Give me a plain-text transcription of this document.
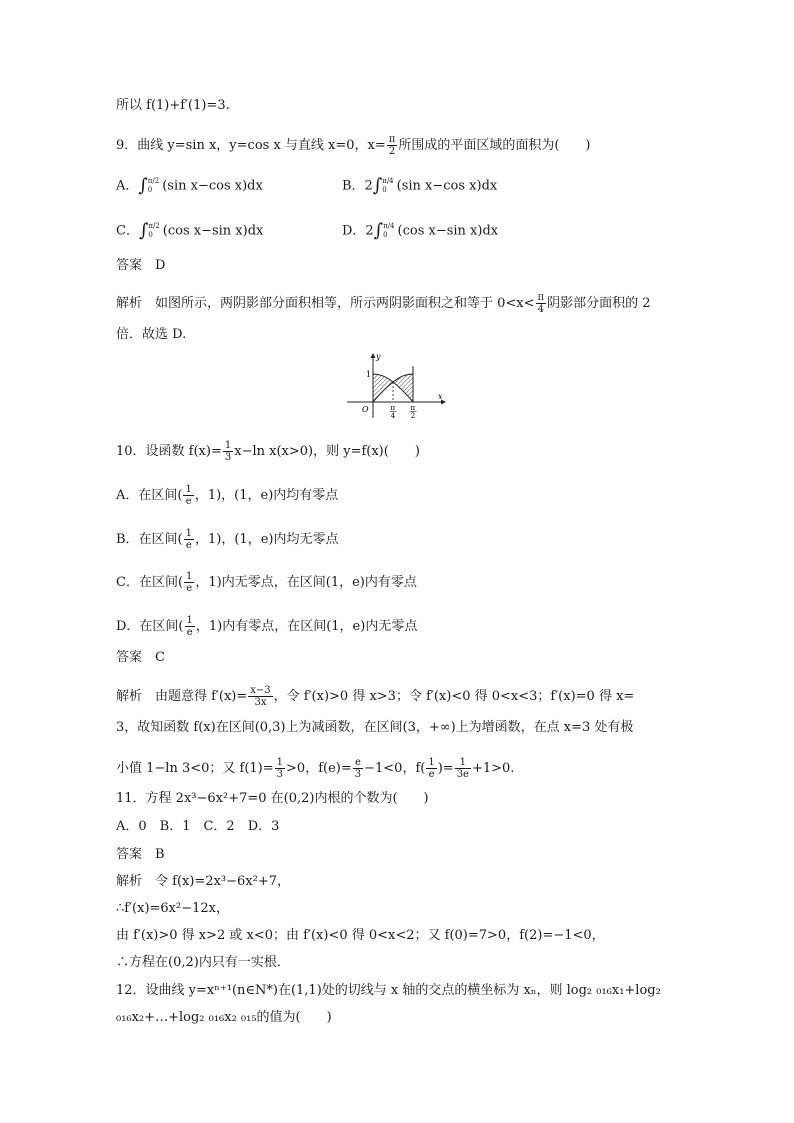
所以 f(1)+f′(1)=3.
9．曲线 y=sin x，y=cos x 与直线 x=0，$x= \frac{\pi}{2}$ 所围成的平面区域的面积为(　　)
A．∫ π/2
0 (sin x−cos x)dx	B．2∫ π/4
0 (sin x−cos x)dx
C．∫ π/2
0 (cos x−sin x)dx	D．2∫ π/4
0 (cos x−sin x)dx
答案　D
解析　如图所示，两阴影部分面积相等，所示两阴影面积之和等于 $0<x< \frac{\pi}{4}$ 阴影部分面积的 2
倍．故选 D.
y
x
O
1
π
4
π
2
10．设函数 $f(x)= \frac{1}{3} x-\ln$ x(x>0)，则 y=f(x)(　　)
A．在区间( $\frac{1}{e}$ ，1)，(1，e)内均有零点
B．在区间( $\frac{1}{e}$ ，1)，(1，e)内均无零点
C．在区间( $\frac{1}{e}$ ，1)内无零点，在区间(1，e)内有零点
D．在区间( $\frac{1}{e}$ ，1)内有零点，在区间(1，e)内无零点
答案　C
解析　由题意得 $f'(x)= \frac{x-3}{3x}$ ，令 f′(x)>0 得 x>3；令 f′(x)<0 得 0<x<3；f′(x)=0 得 x=
3，故知函数 f(x)在区间(0,3)上为减函数，在区间(3，+∞)上为增函数，在点 x=3 处有极
小值 1−ln 3<0；又 $f(1)= \frac{1}{3} >0$，$f(e)= \frac{e}{3} -1<0$，$f( \frac{1}{e}$ )= $\frac{1}{3e} +1>0$.
11．方程 2x³−6x²+7=0 在(0,2)内根的个数为(　　)
A．0　B．1　C．2　D．3
答案　B
解析　令 f(x)=2x³−6x²+7，
∴f′(x)=6x²−12x，
由 f′(x)>0 得 x>2 或 x<0；由 f′(x)<0 得 0<x<2；又 f(0)=7>0，f(2)=−1<0，
∴方程在(0,2)内只有一实根．
12．设曲线 y=xⁿ⁺¹(n∈N*)在(1,1)处的切线与 x 轴的交点的横坐标为 xₙ，则 log₂ ₀₁₆x₁+log₂
₀₁₆x₂+…+log₂ ₀₁₆x₂ ₀₁₅的值为(　　)
